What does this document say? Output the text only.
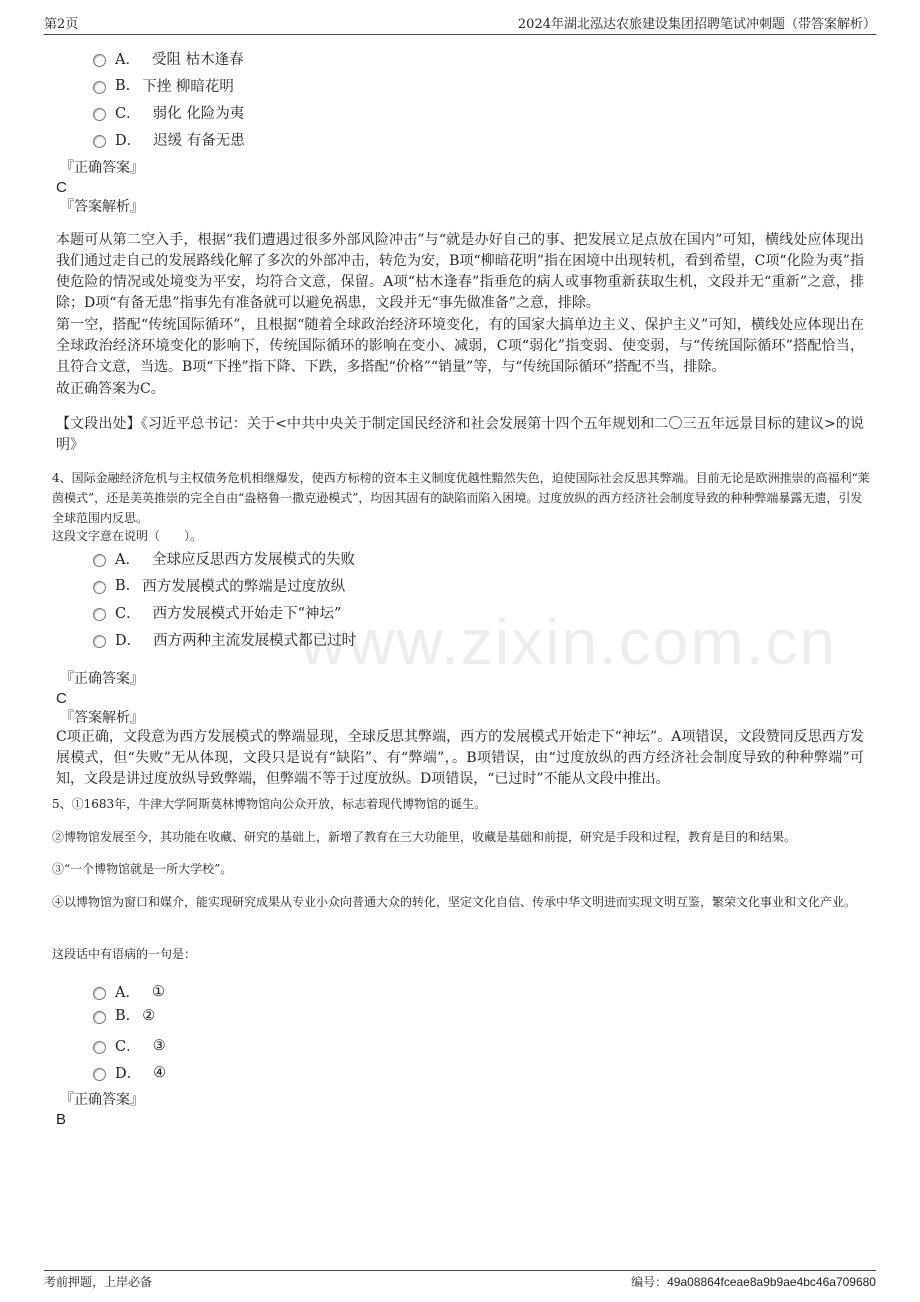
第2页	2024年湖北泓达农旅建设集团招聘笔试冲刺题（带答案解析）
A． 受阻 枯木逢春
B. 下挫 柳暗花明
C． 弱化 化险为夷
D． 迟缓 有备无患
『正确答案』
C
『答案解析』
本题可从第二空入手，根据“我们遭遇过很多外部风险冲击”与“就是办好自己的事、把发展立足点放在国内”可知，横线处应体现出我们通过走自己的发展路线化解了多次的外部冲击，转危为安，B项“柳暗花明”指在困境中出现转机，看到希望，C项“化险为夷”指使危险的情况或处境变为平安，均符合文意，保留。A项“枯木逢春”指垂危的病人或事物重新获取生机，文段并无“重新”之意，排除；D项“有备无患”指事先有准备就可以避免祸患，文段并无“事先做准备”之意，排除。
第一空，搭配“传统国际循环”，且根据“随着全球政治经济环境变化，有的国家大搞单边主义、保护主义”可知，横线处应体现出在全球政治经济环境变化的影响下，传统国际循环的影响在变小、减弱，C项“弱化”指变弱、使变弱，与“传统国际循环”搭配恰当，且符合文意，当选。B项“下挫”指下降、下跌，多搭配“价格”“销量”等，与“传统国际循环”搭配不当，排除。
故正确答案为C。
【文段出处】《习近平总书记：关于<中共中央关于制定国民经济和社会发展第十四个五年规划和二〇三五年远景目标的建议>的说明》
4、国际金融经济危机与主权债务危机相继爆发，使西方标榜的资本主义制度优越性黯然失色，迫使国际社会反思其弊端。目前无论是欧洲推崇的高福利“莱茵模式”，还是美英推崇的完全自由“盎格鲁一撒克逊模式”，均因其固有的缺陷而陷入困境。过度放纵的西方经济社会制度导致的种种弊端暴露无遗，引发全球范围内反思。
这段文字意在说明（　　）。
A． 全球应反思西方发展模式的失败
B. 西方发展模式的弊端是过度放纵
C． 西方发展模式开始走下“神坛”
D． 西方两种主流发展模式都已过时
『正确答案』
C
『答案解析』
C项正确，文段意为西方发展模式的弊端显现，全球反思其弊端，西方的发展模式开始走下“神坛”。A项错误，文段赞同反思西方发展模式，但“失败”无从体现，文段只是说有“缺陷”、有“弊端”，。B项错误，由“过度放纵的西方经济社会制度导致的种种弊端”可知，文段是讲过度放纵导致弊端，但弊端不等于过度放纵。D项错误，“已过时”不能从文段中推出。
5、①1683年，牛津大学阿斯莫林博物馆向公众开放，标志着现代博物馆的诞生。
②博物馆发展至今，其功能在收藏、研究的基础上，新增了教育在三大功能里，收藏是基础和前提，研究是手段和过程，教育是目的和结果。
③“一个博物馆就是一所大学校”。
④以博物馆为窗口和媒介，能实现研究成果从专业小众向普通大众的转化，坚定文化自信、传承中华文明进而实现文明互鉴，繁荣文化事业和文化产业。
这段话中有语病的一句是：
A． ①
B. ②
C． ③
D． ④
『正确答案』
B
www.zixin.com.cn
考前押题，上岸必备	编号：49a08864fceae8a9b9ae4bc46a709680
